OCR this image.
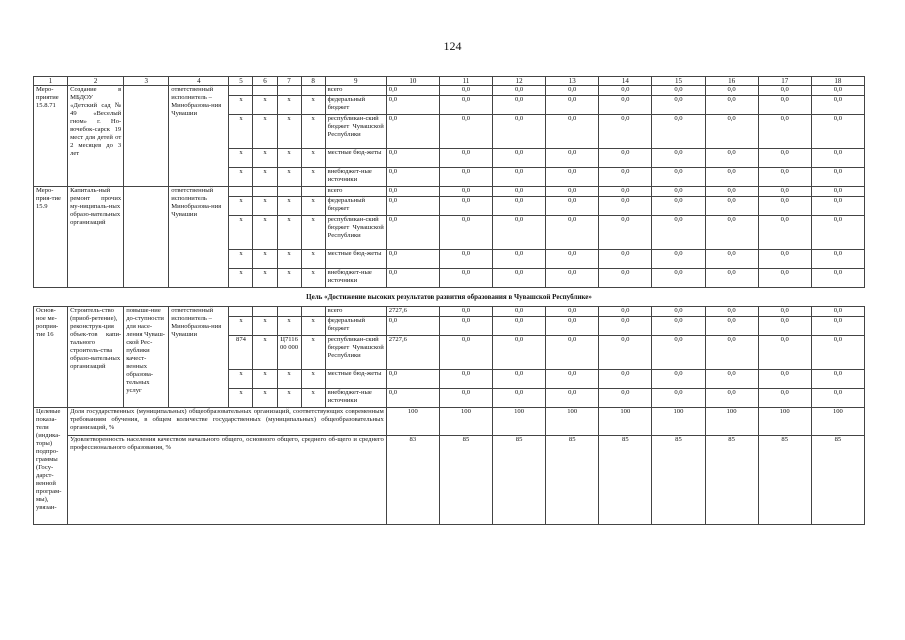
124
1	2	3	4	5	6	7	8	9	10	11	12	13	14	15	16	17	18
Меро-приятие 15.8.71	Создание в МБДОУ «Детский сад № 49 «Веселый гном» г. Но-вочебок-сарск 19 мест для детей от 2 месяцев до 3 лет		ответственный исполнитель – Минобразова-ния Чувашии					всего	0,0	0,0	0,0	0,0	0,0	0,0	0,0	0,0	0,0
				x	x	x	x	федеральный бюджет	0,0	0,0	0,0	0,0	0,0	0,0	0,0	0,0	0,0
				x	x	x	x	республикан-ский бюджет Чувашской Республики	0,0	0,0	0,0	0,0	0,0	0,0	0,0	0,0	0,0
				x	x	x	x	местные бюд-жеты	0,0	0,0	0,0	0,0	0,0	0,0	0,0	0,0	0,0
				x	x	x	x	внебюджет-ные источники	0,0	0,0	0,0	0,0	0,0	0,0	0,0	0,0	0,0
Меро-прия-тие 15.9	Капиталь-ный ремонт прочих му-ниципаль-ных образо-вательных организаций		ответственный исполнитель Минобразова-ния Чувашии					всего	0,0	0,0	0,0	0,0	0,0	0,0	0,0	0,0	0,0
				x	x	x	x	федеральный бюджет	0,0	0,0	0,0	0,0	0,0	0,0	0,0	0,0	0,0
				x	x	x	x	республикан-ский бюджет Чувашской Республики	0,0	0,0	0,0	0,0	0,0	0,0	0,0	0,0	0,0
				x	x	x	x	местные бюд-жеты	0,0	0,0	0,0	0,0	0,0	0,0	0,0	0,0	0,0
				x	x	x	x	внебюджет-ные источники	0,0	0,0	0,0	0,0	0,0	0,0	0,0	0,0	0,0
Цель «Достижение высоких результатов развития образования в Чувашской Республике»																	
Основ-ное ме-роприя-тие 16	Строитель-ство (приоб-ретение), реконструк-ция объек-тов капи-тального строитель-ства образо-вательных организаций	повыше-ние до-ступности для насе-ления Чуваш-ской Рес-публики качест-венных образова-тельных услуг	ответственный исполнитель – Минобразова-ния Чувашии					всего	2727,6	0,0	0,0	0,0	0,0	0,0	0,0	0,0	0,0
				x	x	x	x	федеральный бюджет	0,0	0,0	0,0	0,0	0,0	0,0	0,0	0,0	0,0
				874	x	Ц711600 000	x	республикан-ский бюджет Чувашской Республики	2727,6	0,0	0,0	0,0	0,0	0,0	0,0	0,0	0,0
				x	x	x	x	местные бюд-жеты	0,0	0,0	0,0	0,0	0,0	0,0	0,0	0,0	0,0
				x	x	x	x	внебюджет-ные источники	0,0	0,0	0,0	0,0	0,0	0,0	0,0	0,0	0,0
Целевые показа-тели (индика-торы) подпро-граммы (Госу-дарст-венной програм-мы), увязан-	Доля государственных (муниципальных) общеобразовательных организаций, соответствующих современным требованиям обучения, в общем количестве государственных (муниципальных) общеобразовательных организаций, %								100	100	100	100	100	100	100	100	100
	Удовлетворенность населения качеством начального общего, основного общего, среднего об-щего и среднего профессионального образования, %								83	85	85	85	85	85	85	85	85
